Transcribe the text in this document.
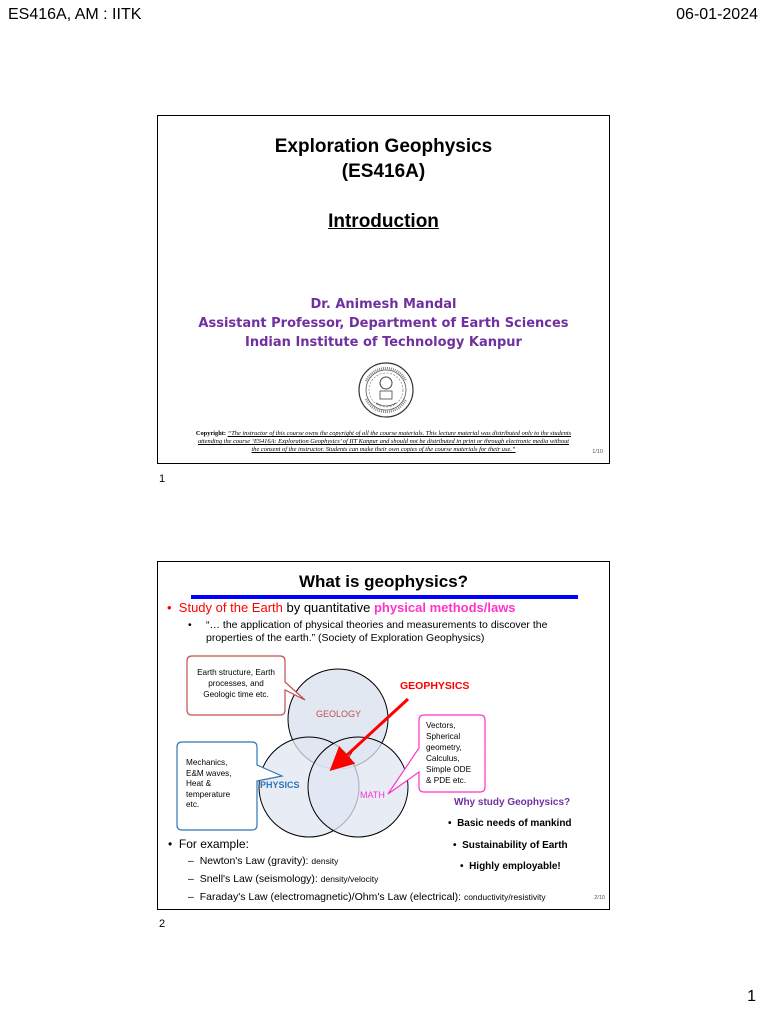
ES416A, AM : IITK	06-01-2024
Exploration Geophysics
(ES416A)
Introduction
Dr. Animesh Mandal
Assistant Professor, Department of Earth Sciences
Indian Institute of Technology Kanpur
Copyright: “The instructor of this course owns the copyright of all the course materials. This lecture material was distributed only to the students
attending the course ‘ES416A: Exploration Geophysics’ of IIT Kanpur and should not be distributed in print or through electronic media without
the consent of the instructor. Students can make their own copies of the course materials for their use.”	1/10
1
What is geophysics?
• Study of the Earth by quantitative physical methods/laws
• “… the application of physical theories and measurements to discover the
properties of the earth.” (Society of Exploration Geophysics)
Earth structure, Earth
processes, and
Geologic time etc.
Mechanics,
E&M waves,
Heat &
temperature
etc.
Vectors,
Spherical
geometry,
Calculus,
Simple ODE
& PDE etc.
GEOLOGY
PHYSICS
MATH
GEOPHYSICS
Why study Geophysics?
•  Basic needs of mankind
•  Sustainability of Earth
•  Highly employable!
•  For example:
–  Newton's Law (gravity): density
–  Snell's Law (seismology): density/velocity
–  Faraday's Law (electromagnetic)/Ohm's Law (electrical): conductivity/resistivity	2/10
2
1
